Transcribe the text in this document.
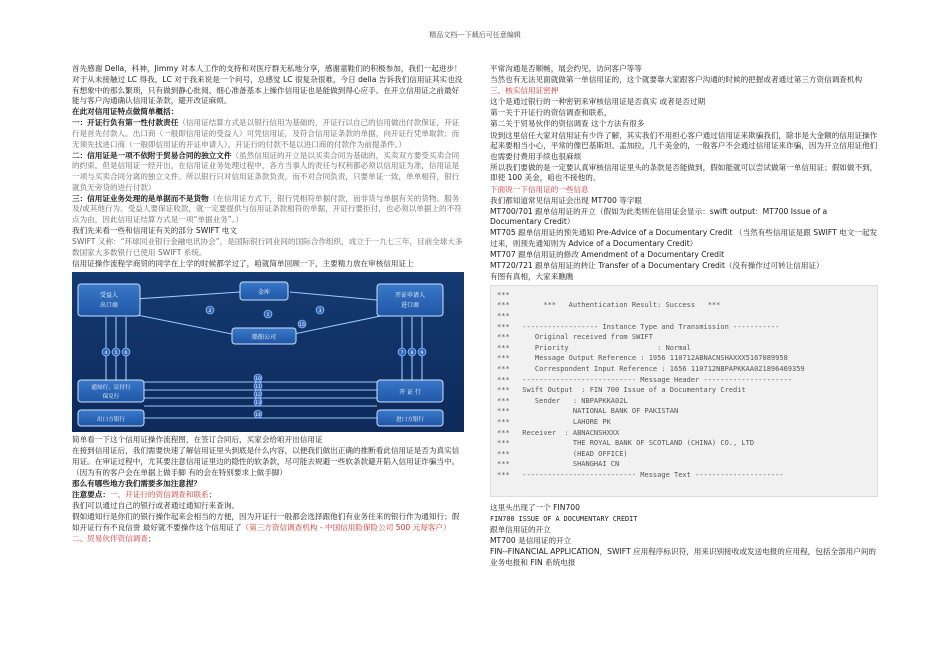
精品文档---下载后可任意编辑

首先感谢 Della，科神，Jimmy 对本人工作的支持和对医疗群无私地分享，感谢童鞋们的积极参加，我们一起进步！

对于从未接触过 LC 得我，LC 对于我来说是一个问号，总感觉 LC 很复杂很难，今日 della 告诉我们信用证其实也没有想象中的那么繁琐，只有做到静心批阅、细心准备基本上操作信用证也是能做到得心应手。在开立信用证之前最好能与客户沟通确认信用证条款，避开改证麻烦。

在此对信用证特点做简单概括：

一：开证行负有第一性付款责任（信用证结算方式是以银行信用为基础的，开证行以自己的信用做出付款保证，开证行是首先付款人。出口商（一般即信用证的受益人）可凭信用证，及符合信用证条款的单据，向开证行凭单取款；而无须先找进口商（一般即信用证的开证申请人）。开证行的付款不是以进口商的付款作为前提条件。）

二：信用证是一项不依附于贸易合同的独立文件（虽然信用证的开立是以买卖合同为基础的，买卖双方要受买卖合同的约束，但是信用证一经开出，在信用证业务处理过程中，各方当事人的责任与权利都必须以信用证为准，信用证是一项与买卖合同分离的独立文件。所以银行只对信用证条款负责，而不对合同负责，只要单证一致，单单相符，银行就负无旁贷的进行付款）

三：信用证业务处理的是单据而不是货物（在信用证方式下，银行凭相符单据付款，而非货与单据有关的货物。服务及/或其他行为。受益人要保证收款，就一定要提供与信用证条款相符的单据，开证行要拒付，也必须以单据上的不符点为由，因此信用证结算方式是一项“单据业务”。）

我们先来看一些和信用证有关的部分 SWIFT 电文

SWIFT 又称：“环球同业银行金融电讯协会”，是国际银行同业间的国际合作组织，成立于一九七三年，目前全球大多数国家大多数银行已使用 SWIFT 系统。

信用证操作流程学商贸的同学在上学的时候都学过了，咱就简单回顾一下，主要精力放在审核信用证上

受益人
出口商
金库	开证申请人
进口商
船舶公司
通知行、议付行
保兑行
出口方银行
开 证 行
进口方银行
1
2	3
4 5 6	7 8 9
10
11
12
13
14
15

简单看一下这个信用证操作流程图，在签订合同后，买家会给咱开出信用证

在接到信用证后，我们需要快速了解信用证里头到底是什么内容，以便我们做出正确的推断看此信用证是否为真实信用证。在审证过程中，尤其要注意信用证里边的隐性的软条款，尽可能去规避一些软条款避开陷入信用证诈骗当中。（因为有的客户会在单据上做手脚 有的会在特别要求上做手脚）

那么有哪些地方我们需要多加注意捏？

注意要点：一、开证行的资信调查和联系；

我们可以通过自己的银行或者通过通知行来查询。

假如通知行是你们的银行操作起来会相当的方便，因为开证行一般都会选择跟他们有业务往来的银行作为通知行；假如开证行有不良信誉 最好就不要操作这个信用证了（第三方资信调查机构 - 中国信用险保险公司 500 元每客户）

二、贸易伙伴资信调查；

平常沟通是否顺畅，展会约见，访问客户等等

当然也有无法见面就做第一单信用证的，这个就要靠大家跟客户沟通的时候的把握或者通过第三方资信调查机构

三、核实信用证密押

这个是通过银行的一种密钥来审核信用证是否真实 或者是否过期

第一关于开证行的资信调查和联系，

第二关于贸易伙伴的资信调查 这个方法有很多

说到这里信任大家对信用证有少许了解，其实我们不用担心客户通过信用证来欺骗我们，除非是大金额的信用证操作起来要相当小心，平常的像巴基斯坦、孟加拉，几千美金的，一般客户不会通过信用证来诈骗，因为开立信用证他们也需要付费用手续也很麻烦

所以我们要做的是一定要认真审核信用证里头的条款是否能做到，假如能就可以尝试做第一单信用证；假如做不到，即使 100 美金，咱也不接他的。

下面说一下信用证的一些信息

我们都知道常见信用证会出现 MT700 等字眼

MT700/701 跟单信用证的开立（假如为此类则在信用证会显示：swift output：MT700 Issue of a Documentary Credit）

MT705 跟单信用证的预先通知 Pre-Advice of a Documentary Credit （当然有些信用证是跟 SWIFT 电文一起发过来，则预先通知则为 Advice of a Documentary Credit）

MT707 跟单信用证的修改 Amendment of a Documentary Credit

MT720/721 跟单信用证的转让 Transfer of a Documentary Credit（没有操作过可转让信用证）

有图有真相，大家来瞧瞧

***
***        ***   Authentication Result: Success   ***
***
***   ------------------ Instance Type and Transmission -----------
***      Original received from SWIFT
***      Priority                     : Normal
***      Message Output Reference : 1956 110712ABNACNSHAXXX5167089958
***      Correspondent Input Reference : 1656 110712NBPAPKKAA021896469359
***   --------------------------- Message Header ---------------------
***   Swift Output  : FIN 700 Issue of a Documentary Credit
***      Sender   : NBPAPKKA02L
***               NATIONAL BANK OF PAKISTAN
***               LAHORE PK
***   Receiver  : ABNACNSHXXX
***               THE ROYAL BANK OF SCOTLAND (CHINA) CO., LTD
***               (HEAD OFFICE)
***               SHANGHAI CN
***   --------------------------- Message Text ---------------------

这里头出现了一个 FIN700

FIN700 ISSUE OF A DOCUMENTARY CREDIT

跟单信用证的开立

MT700 是信用证的开立

FIN--FINANCIAL APPLICATION，SWIFT 应用程序标识符，用来识别接收或发送电报的应用程，包括全部用户间的业务电报和 FIN 系统电报
